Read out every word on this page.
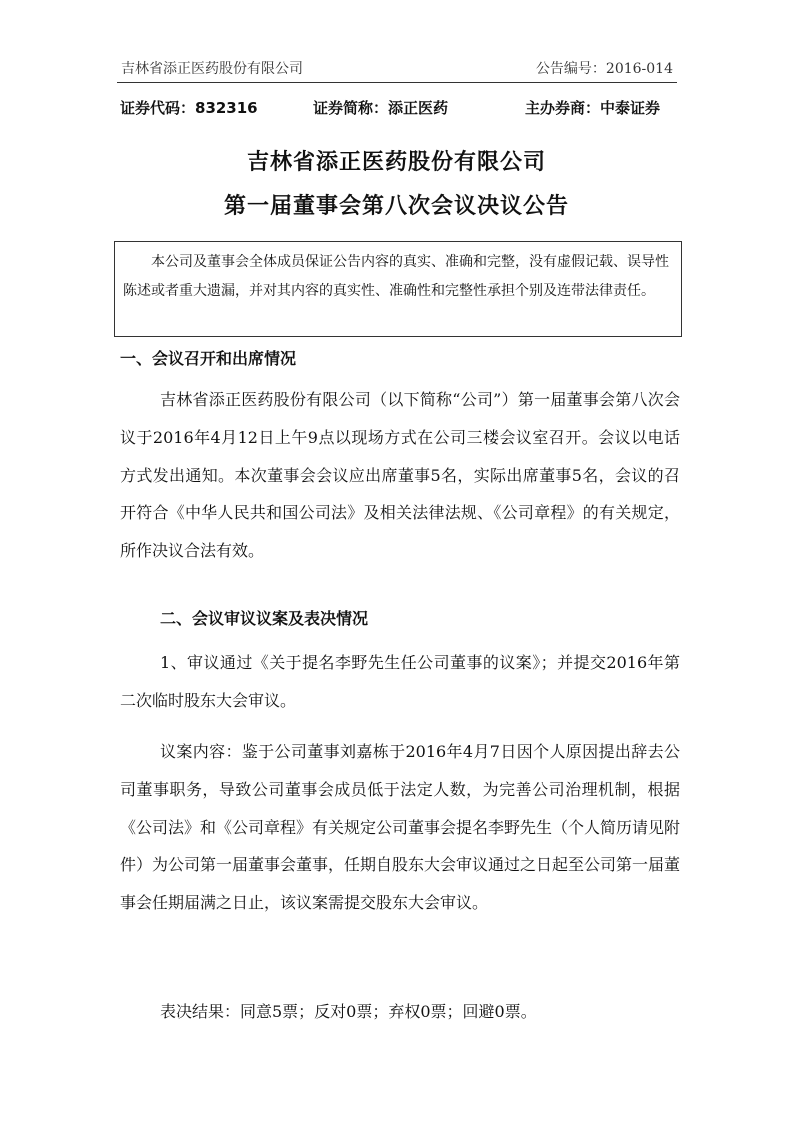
吉林省添正医药股份有限公司	公告编号：2016-014
证券代码：832316	证券简称：添正医药	主办券商：中泰证券
吉林省添正医药股份有限公司
第一届董事会第八次会议决议公告
本公司及董事会全体成员保证公告内容的真实、准确和完整，没有虚假记载、误导性陈述或者重大遗漏，并对其内容的真实性、准确性和完整性承担个别及连带法律责任。
一、会议召开和出席情况
吉林省添正医药股份有限公司（以下简称“公司”）第一届董事会第八次会议于2016年4月12日上午9点以现场方式在公司三楼会议室召开。会议以电话方式发出通知。本次董事会会议应出席董事5名，实际出席董事5名，会议的召开符合《中华人民共和国公司法》及相关法律法规、《公司章程》的有关规定，所作决议合法有效。
二、会议审议议案及表决情况
1、审议通过《关于提名李野先生任公司董事的议案》；并提交2016年第二次临时股东大会审议。
议案内容：鉴于公司董事刘嘉栋于2016年4月7日因个人原因提出辞去公司董事职务，导致公司董事会成员低于法定人数，为完善公司治理机制，根据《公司法》和《公司章程》有关规定公司董事会提名李野先生（个人简历请见附件）为公司第一届董事会董事，任期自股东大会审议通过之日起至公司第一届董事会任期届满之日止，该议案需提交股东大会审议。
表决结果：同意5票；反对0票；弃权0票；回避0票。
